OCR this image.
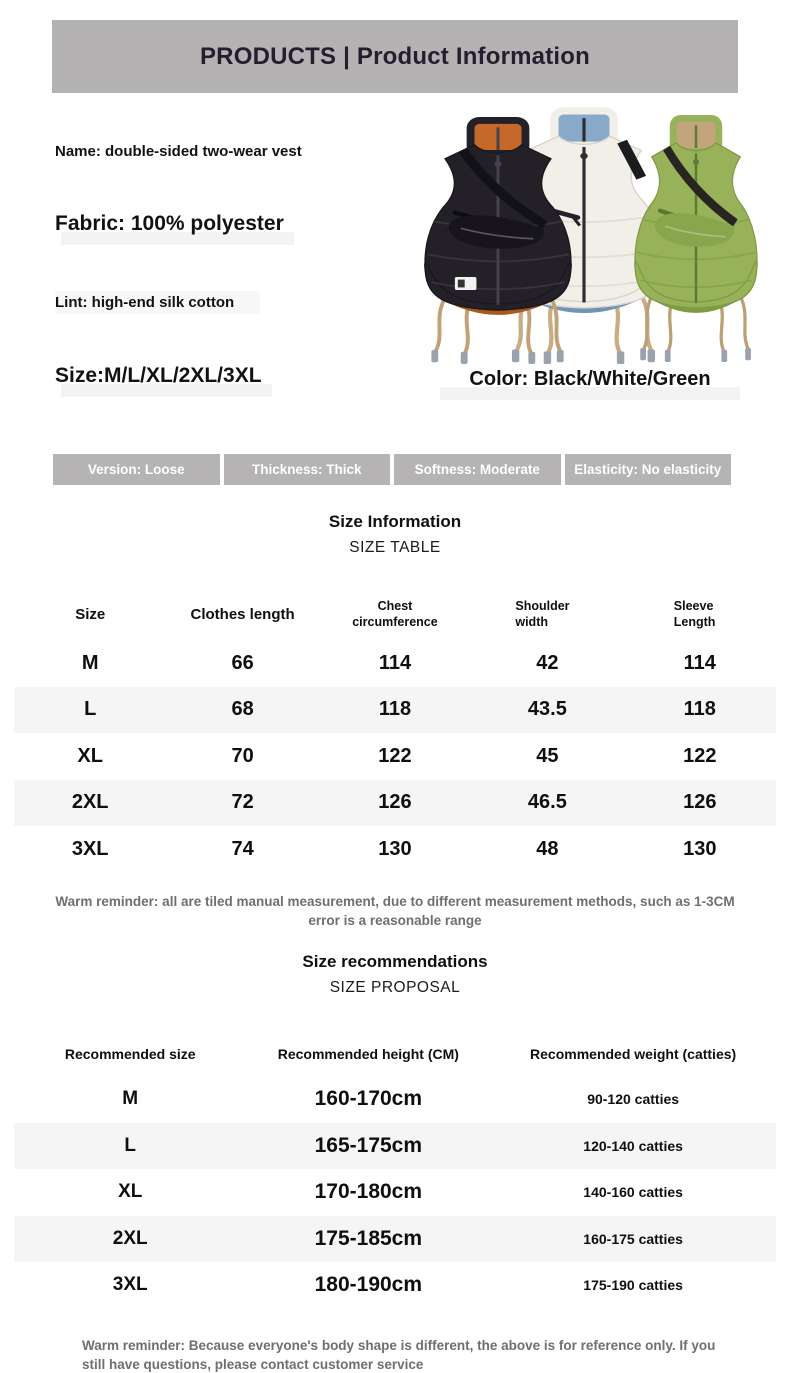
PRODUCTS | Product Information
Name: double-sided two-wear vest
Fabric: 100% polyester
Lint: high-end silk cotton
Size:M/L/XL/2XL/3XL	Color: Black/White/Green
Version: Loose	Thickness: Thick	Softness: Moderate	Elasticity: No elasticity
Size Information
SIZE TABLE
Size	Clothes length	Chest circumference	Shoulder width	Sleeve Length
M	66	114	42	114
L	68	118	43.5	118
XL	70	122	45	122
2XL	72	126	46.5	126
3XL	74	130	48	130

Warm reminder: all are tiled manual measurement, due to different measurement methods, such as 1-3CM error is a reasonable range

Size recommendations
SIZE PROPOSAL
Recommended size	Recommended height (CM)	Recommended weight (catties)
M	160-170cm	90-120 catties
L	165-175cm	120-140 catties
XL	170-180cm	140-160 catties
2XL	175-185cm	160-175 catties
3XL	180-190cm	175-190 catties

Warm reminder: Because everyone's body shape is different, the above is for reference only. If you still have questions, please contact customer service
